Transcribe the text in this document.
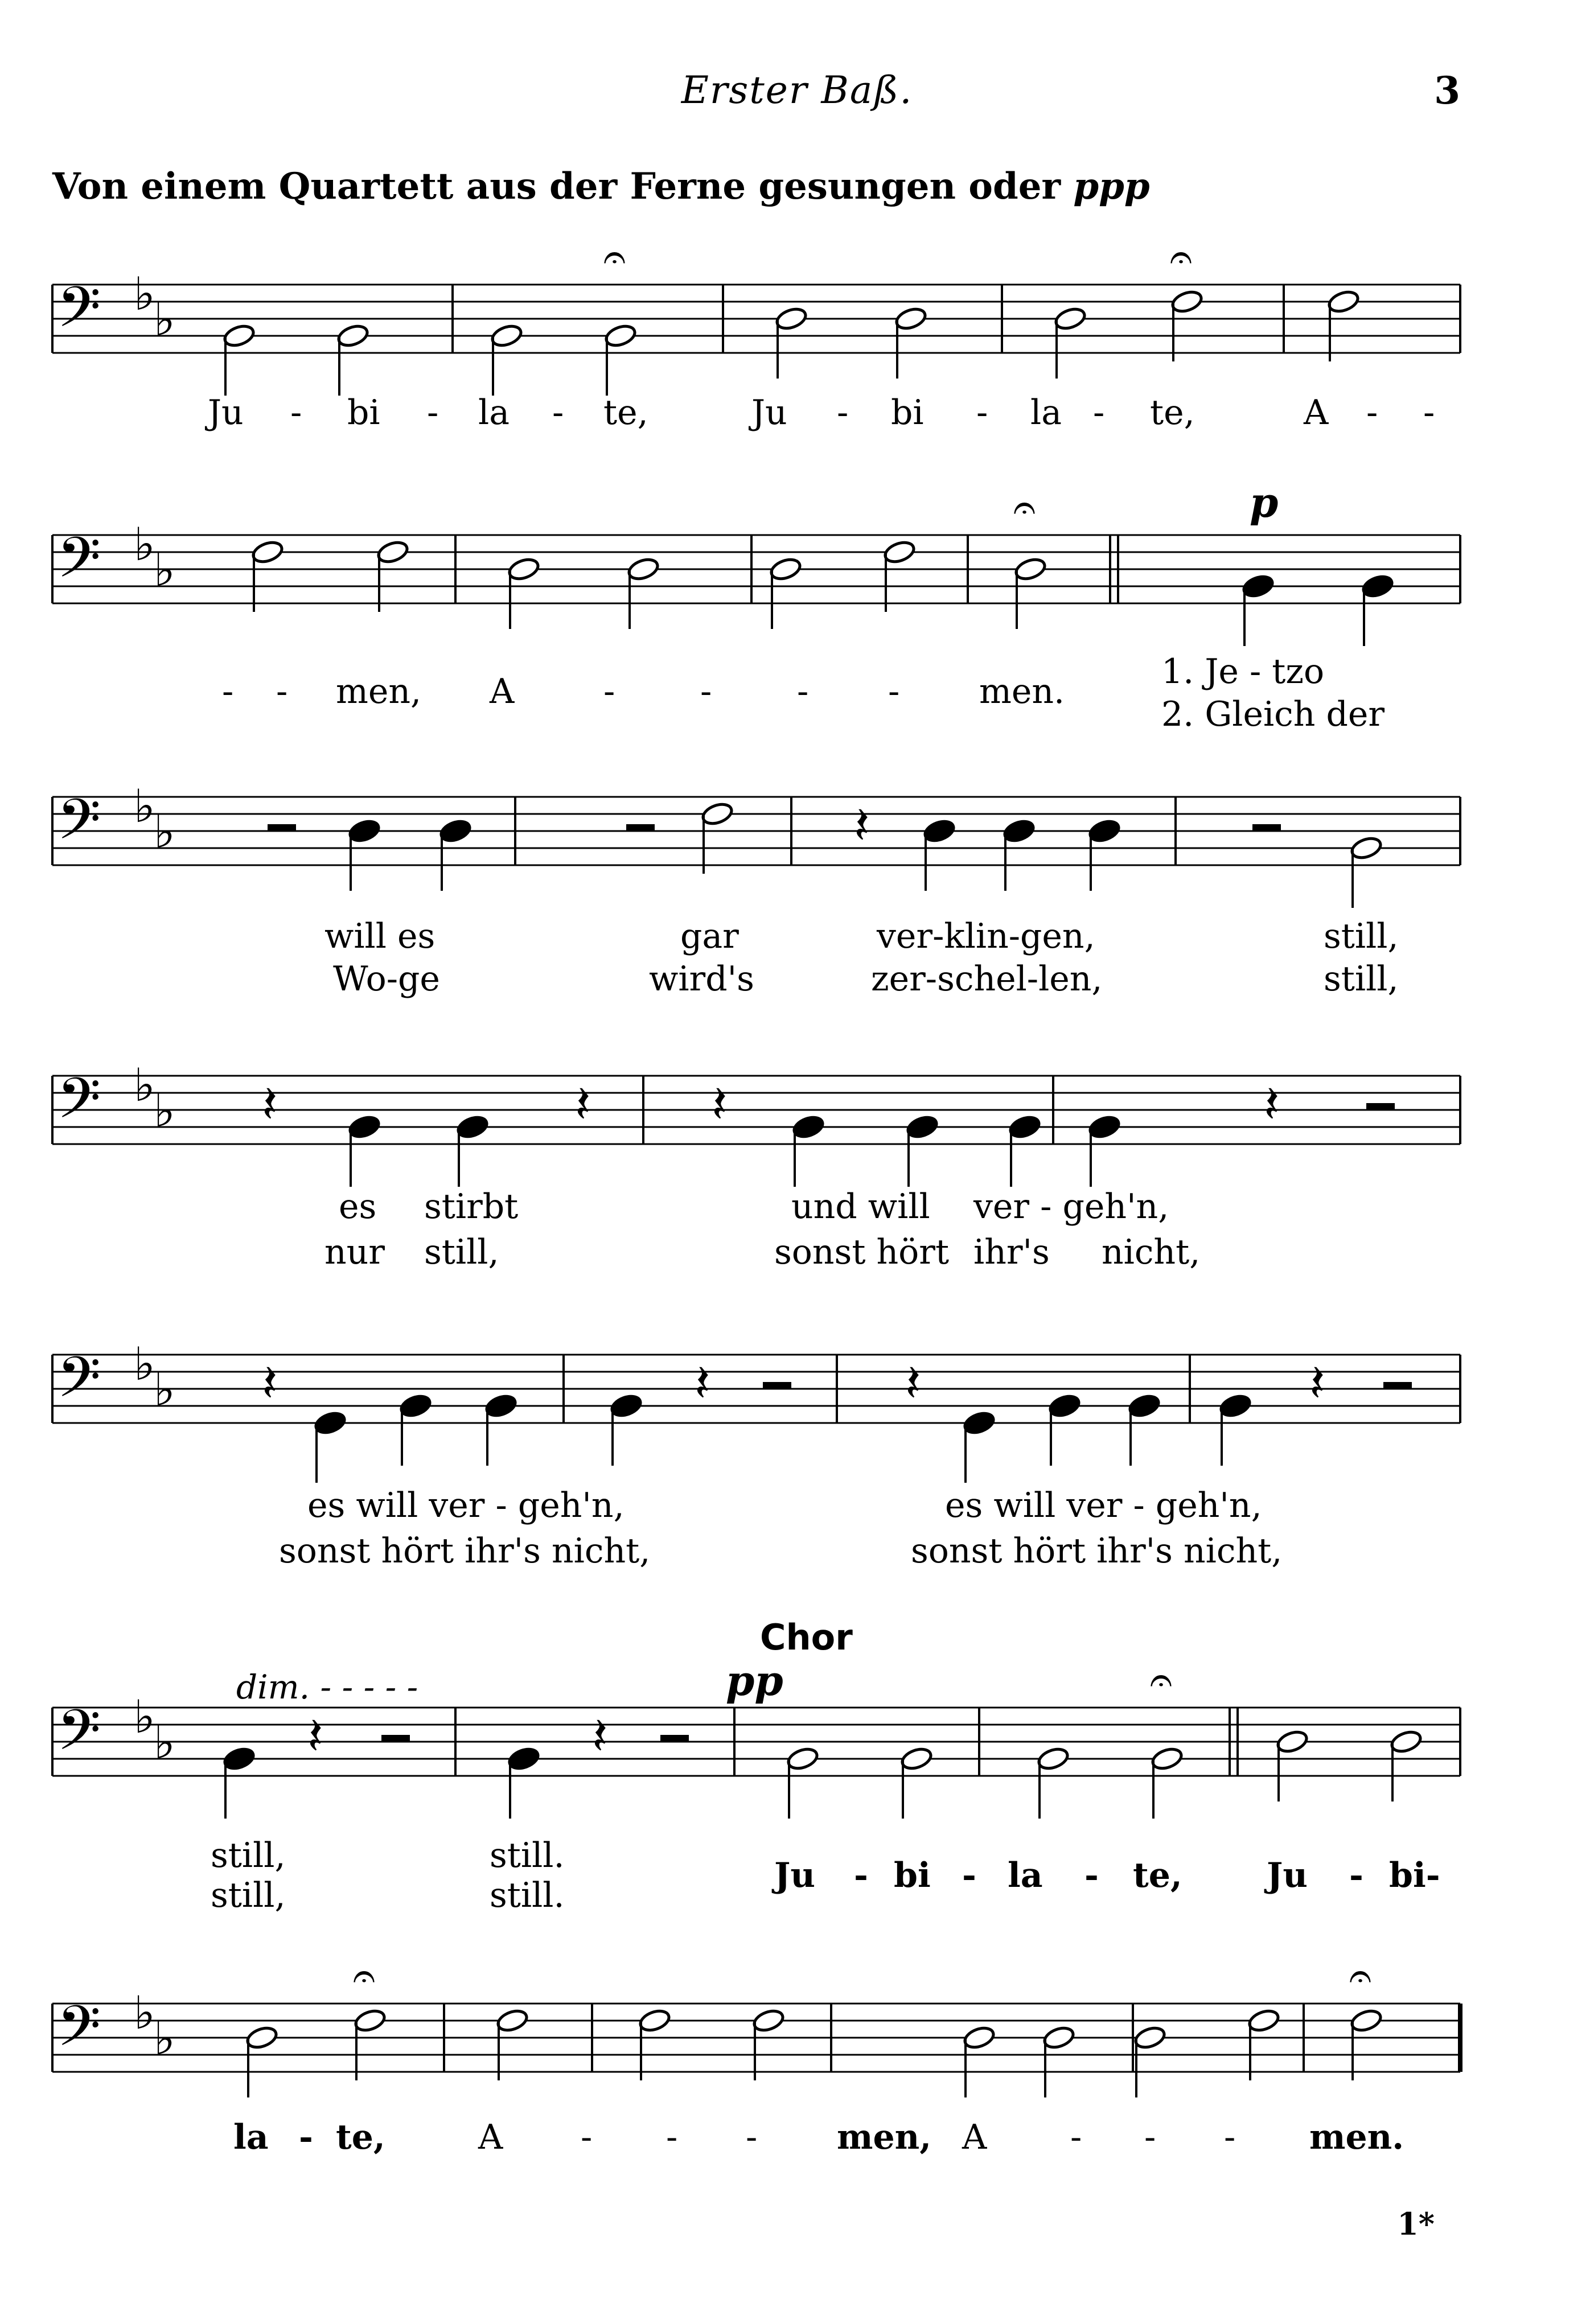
Erster Baß.	3
Von einem Quartett aus der Ferne gesungen oder ppp
𝄢 ♭
♭
𝄐	𝄐
Ju - bi - la - te,	Ju - bi - la - te,	A - -
𝄢 ♭
♭
𝄐	p
- - men, A	- - - - men.	1. Je - tzo
2. Gleich der
𝄢 ♭
♭	𝄽
will es	gar	ver-klin-gen,	still,
Wo-ge	wird's	zer-schel-len,	still,
𝄢 ♭
♭ 𝄽	𝄽 𝄽	𝄽
es stirbt	und will ver - geh'n,
nur still,	sonst hört ihr's nicht,
𝄢 ♭
♭ 𝄽	𝄽	𝄽	𝄽
es will ver - geh'n,	es will ver - geh'n,
sonst hört ihr's nicht,	sonst hört ihr's nicht,
𝄢 ♭
♭	𝄽	𝄽
𝄐
Chor
dim. - - - - -	pp
still,	still.	Ju - bi - la - te, Ju - bi-
still,	still.
𝄢 ♭
♭
𝄐	𝄐
la - te,	A - - - men, A - - - men.
1*
